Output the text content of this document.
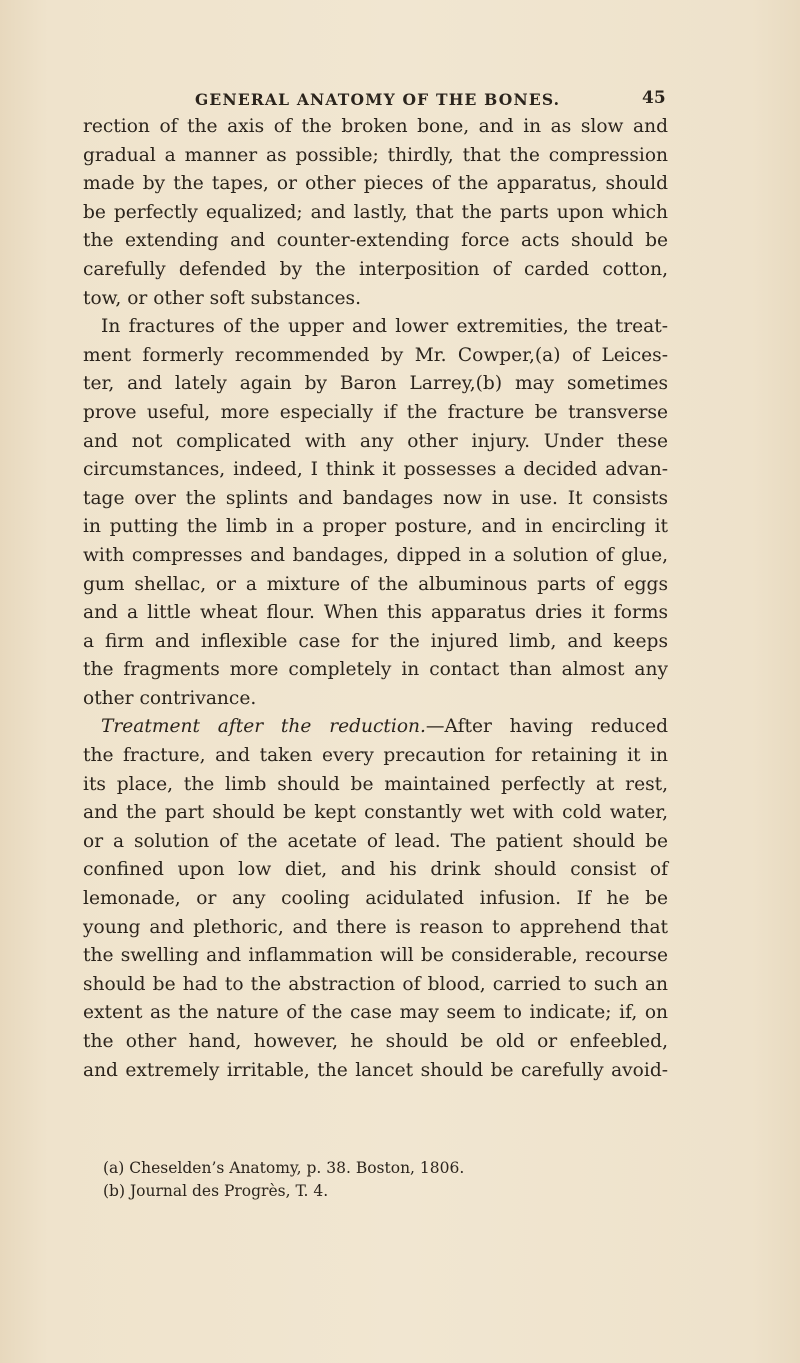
GENERAL ANATOMY OF THE BONES.	45
rection of the axis of the broken bone, and in as slow and
gradual a manner as possible; thirdly, that the compression
made by the tapes, or other pieces of the apparatus, should
be perfectly equalized; and lastly, that the parts upon which
the extending and counter-extending force acts should be
carefully defended by the interposition of carded cotton,
tow, or other soft substances.
In fractures of the upper and lower extremities, the treat-
ment formerly recommended by Mr. Cowper,(a) of Leices-
ter, and lately again by Baron Larrey,(b) may sometimes
prove useful, more especially if the fracture be transverse
and not complicated with any other injury. Under these
circumstances, indeed, I think it possesses a decided advan-
tage over the splints and bandages now in use. It consists
in putting the limb in a proper posture, and in encircling it
with compresses and bandages, dipped in a solution of glue,
gum shellac, or a mixture of the albuminous parts of eggs
and a little wheat flour. When this apparatus dries it forms
a firm and inflexible case for the injured limb, and keeps
the fragments more completely in contact than almost any
other contrivance.
Treatment after the reduction.—After having reduced
the fracture, and taken every precaution for retaining it in
its place, the limb should be maintained perfectly at rest,
and the part should be kept constantly wet with cold water,
or a solution of the acetate of lead. The patient should be
confined upon low diet, and his drink should consist of
lemonade, or any cooling acidulated infusion. If he be
young and plethoric, and there is reason to apprehend that
the swelling and inflammation will be considerable, recourse
should be had to the abstraction of blood, carried to such an
extent as the nature of the case may seem to indicate; if, on
the other hand, however, he should be old or enfeebled,
and extremely irritable, the lancet should be carefully avoid-
(a) Cheselden’s Anatomy, p. 38. Boston, 1806.
(b) Journal des Progrès, T. 4.
